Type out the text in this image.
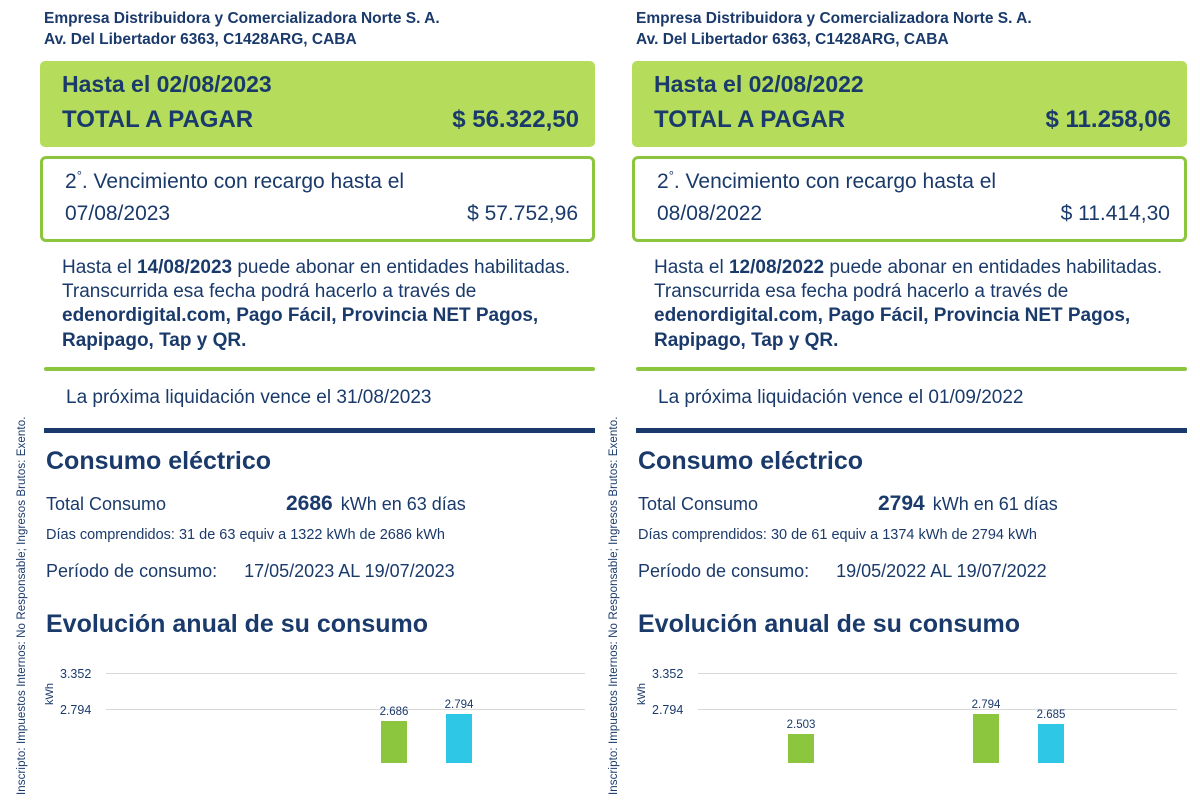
Inscripto: Impuestos Internos: No Responsable; Ingresos Brutos: Exento.
Empresa Distribuidora y Comercializadora Norte S. A.
Av. Del Libertador 6363, C1428ARG, CABA
Hasta el 02/08/2023
TOTAL A PAGAR	$ 56.322,50
2°. Vencimiento con recargo hasta el
07/08/2023	$ 57.752,96
Hasta el 14/08/2023 puede abonar en entidades habilitadas. Transcurrida esa fecha podrá hacerlo a través de edenordigital.com, Pago Fácil, Provincia NET Pagos, Rapipago, Tap y QR.
La próxima liquidación vence el 31/08/2023
Consumo eléctrico
Total Consumo	2686 kWh en 63 días
Días comprendidos: 31 de 63 equiv a 1322 kWh de 2686 kWh
Período de consumo: 17/05/2023 AL 19/07/2023
Evolución anual de su consumo
kWh
3.352
2.794	2.686
2.794	Inscripto: Impuestos Internos: No Responsable; Ingresos Brutos: Exento.
Empresa Distribuidora y Comercializadora Norte S. A.
Av. Del Libertador 6363, C1428ARG, CABA
Hasta el 02/08/2022
TOTAL A PAGAR	$ 11.258,06
2°. Vencimiento con recargo hasta el
08/08/2022	$ 11.414,30
Hasta el 12/08/2022 puede abonar en entidades habilitadas. Transcurrida esa fecha podrá hacerlo a través de edenordigital.com, Pago Fácil, Provincia NET Pagos, Rapipago, Tap y QR.
La próxima liquidación vence el 01/09/2022
Consumo eléctrico
Total Consumo	2794 kWh en 61 días
Días comprendidos: 30 de 61 equiv a 1374 kWh de 2794 kWh
Período de consumo: 19/05/2022 AL 19/07/2022
Evolución anual de su consumo
kWh
3.352
2.794
2.503
2.794
2.685
